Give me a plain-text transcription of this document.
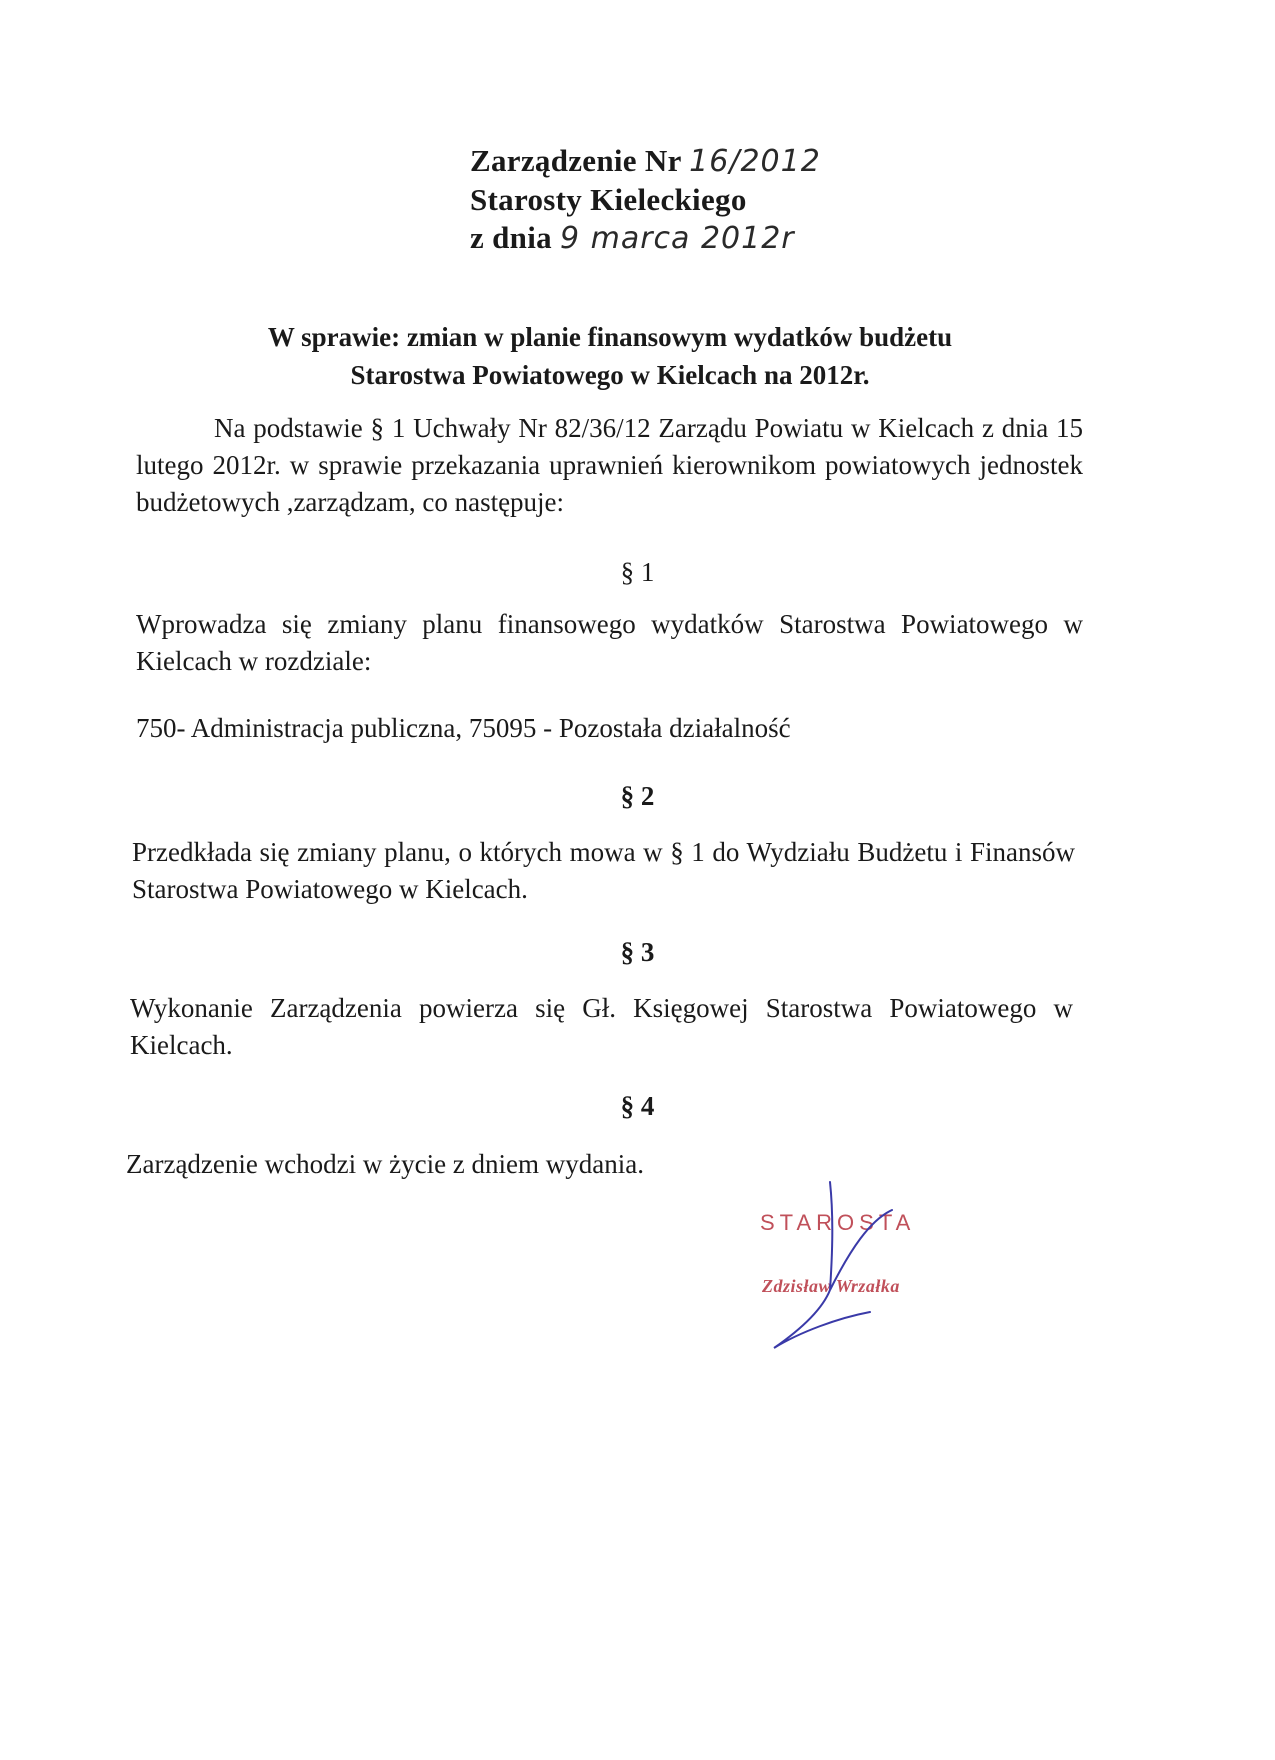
Zarządzenie Nr 16/2012
Starosty Kieleckiego
z dnia 9 marca 2012r
W sprawie: zmian w planie finansowym wydatków budżetu
Starostwa Powiatowego w Kielcach na 2012r.
Na podstawie § 1 Uchwały Nr 82/36/12 Zarządu Powiatu w Kielcach z dnia 15 lutego 2012r. w sprawie przekazania uprawnień kierownikom powiatowych jednostek budżetowych ,zarządzam, co następuje:
§ 1
Wprowadza się zmiany planu finansowego wydatków Starostwa Powiatowego w Kielcach w rozdziale:
750- Administracja publiczna, 75095 - Pozostała działalność
§ 2
Przedkłada się zmiany planu, o których mowa w § 1 do Wydziału Budżetu i Finansów Starostwa Powiatowego w Kielcach.
§ 3
Wykonanie Zarządzenia powierza się Gł. Księgowej Starostwa Powiatowego w Kielcach.
§ 4
Zarządzenie wchodzi w życie z dniem wydania.
STAROSTA
Zdzisław Wrzałka
